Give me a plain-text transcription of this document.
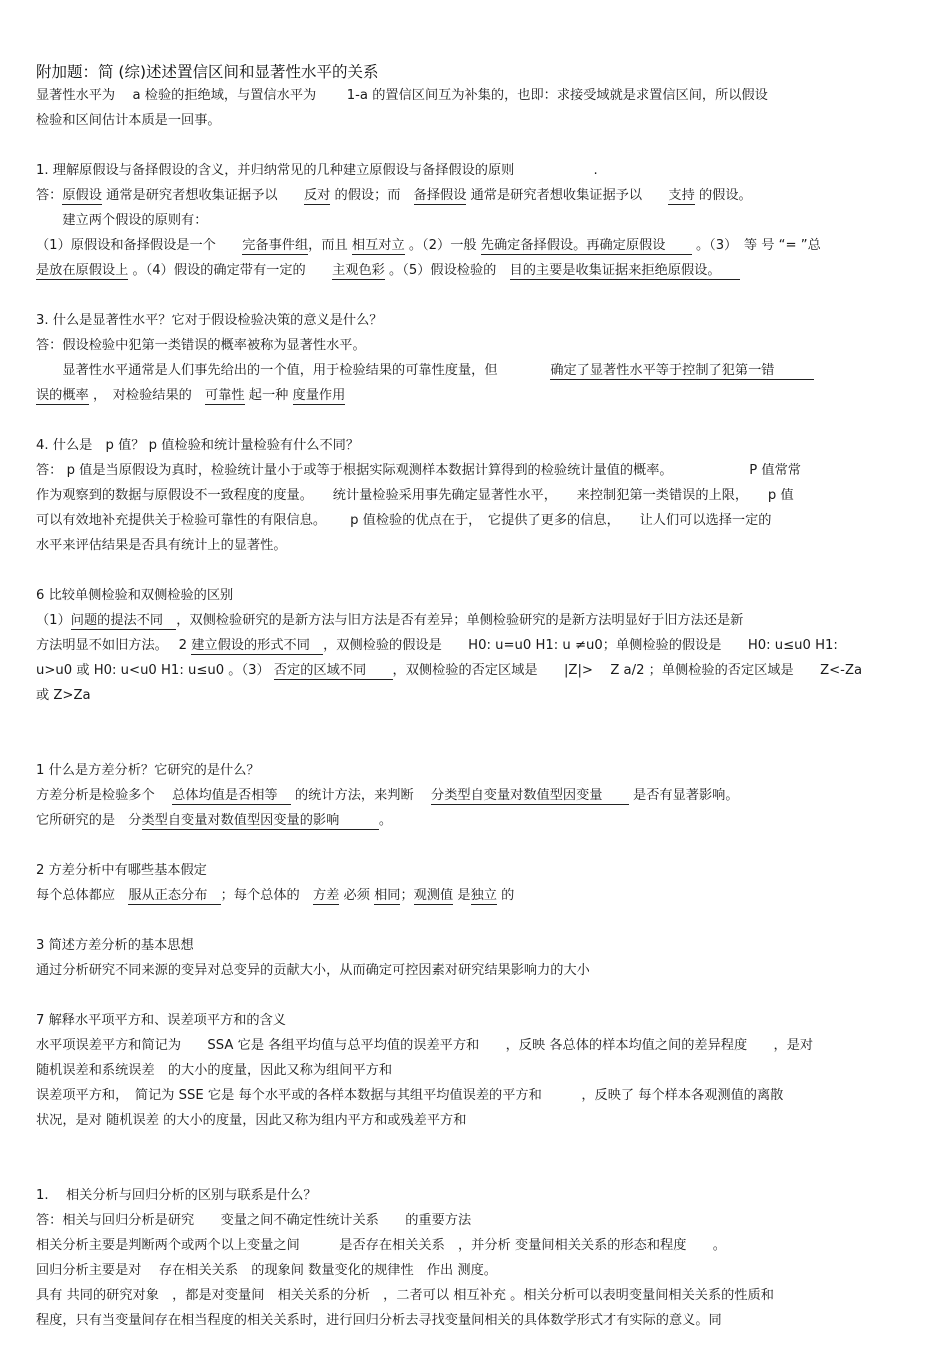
附加题：简 (综)述述置信区间和显著性水平的关系
显著性水平为　 a 检验的拒绝域，与置信水平为　　 1-a 的置信区间互为补集的，也即：求接受域就是求置信区间，所以假设
检验和区间估计本质是一回事。
1. 理解原假设与备择假设的含义，并归纳常见的几种建立原假设与备择假设的原则　　　　　　.
答：原假设 通常是研究者想收集证据予以　　反对 的假设；而　备择假设 通常是研究者想收集证据予以　　支持 的假设。
　　建立两个假设的原则有：
（1）原假设和备择假设是一个　　完备事件组，而且 相互对立 。（2）一般 先确定备择假设。再确定原假设　　 。（3）　等 号 “= ”总
是放在原假设上 。（4）假设的确定带有一定的　　主观色彩 。（5）假设检验的　目的主要是收集证据来拒绝原假设。　　
3. 什么是显著性水平？它对于假设检验决策的意义是什么？
答：假设检验中犯第一类错误的概率被称为显著性水平。
　　显著性水平通常是人们事先给出的一个值，用于检验结果的可靠性度量，但　　　　确定了显著性水平等于控制了犯第一错　　　
误的概率 ，　对检验结果的　可靠性 起一种 度量作用
4. 什么是　p 值？ p 值检验和统计量检验有什么不同？
答： p 值是当原假设为真时，检验统计量小于或等于根据实际观测样本数据计算得到的检验统计量值的概率。　　　　　　 P 值常常
作为观察到的数据与原假设不一致程度的度量。　　统计量检验采用事先确定显著性水平，　　来控制犯第一类错误的上限，　　p 值
可以有效地补充提供关于检验可靠性的有限信息。　　 p 值检验的优点在于，　它提供了更多的信息，　　让人们可以选择一定的
水平来评估结果是否具有统计上的显著性。
6 比较单侧检验和双侧检验的区别
（1）问题的提法不同　，双侧检验研究的是新方法与旧方法是否有差异；单侧检验研究的是新方法明显好于旧方法还是新
方法明显不如旧方法。　 2 建立假设的形式不同　，双侧检验的假设是　　H0: u=u0 H1: u ≠u0；单侧检验的假设是　　H0: u≤u0 H1:
u>u0 或 H0: u<u0 H1: u≤u0 。（3） 否定的区域不同　　，双侧检验的否定区域是　　|Z|>　 Z a/2 ；单侧检验的否定区域是　　Z<-Za
或 Z>Za
1 什么是方差分析？它研究的是什么？
方差分析是检验多个　 总体均值是否相等　 的统计方法，来判断　 分类型自变量对数值型因变量　　 是否有显著影响。
它所研究的是　分类型自变量对数值型因变量的影响　　　。
2 方差分析中有哪些基本假定
每个总体都应　服从正态分布　；每个总体的　方差 必须 相同；观测值 是独立 的
3 简述方差分析的基本思想
通过分析研究不同来源的变异对总变异的贡献大小，从而确定可控因素对研究结果影响力的大小
7 解释水平项平方和、误差项平方和的含义
水平项误差平方和简记为　　SSA 它是 各组平均值与总平均值的误差平方和　　，反映 各总体的样本均值之间的差异程度　　，是对
随机误差和系统误差　的大小的度量，因此又称为组间平方和
误差项平方和，　简记为 SSE 它是 每个水平或的各样本数据与其组平均值误差的平方和　　　，反映了 每个样本各观测值的离散
状况，是对 随机误差 的大小的度量，因此又称为组内平方和或残差平方和
1.　 相关分析与回归分析的区别与联系是什么？
答：相关与回归分析是研究　　变量之间不确定性统计关系　　的重要方法
相关分析主要是判断两个或两个以上变量之间　　　是否存在相关关系　，并分析 变量间相关关系的形态和程度　　。
回归分析主要是对　 存在相关关系　的现象间 数量变化的规律性　作出 测度。
具有 共同的研究对象　，都是对变量间　相关关系的分析　，二者可以 相互补充 。相关分析可以表明变量间相关关系的性质和
程度，只有当变量间存在相当程度的相关关系时，进行回归分析去寻找变量间相关的具体数学形式才有实际的意义。同
